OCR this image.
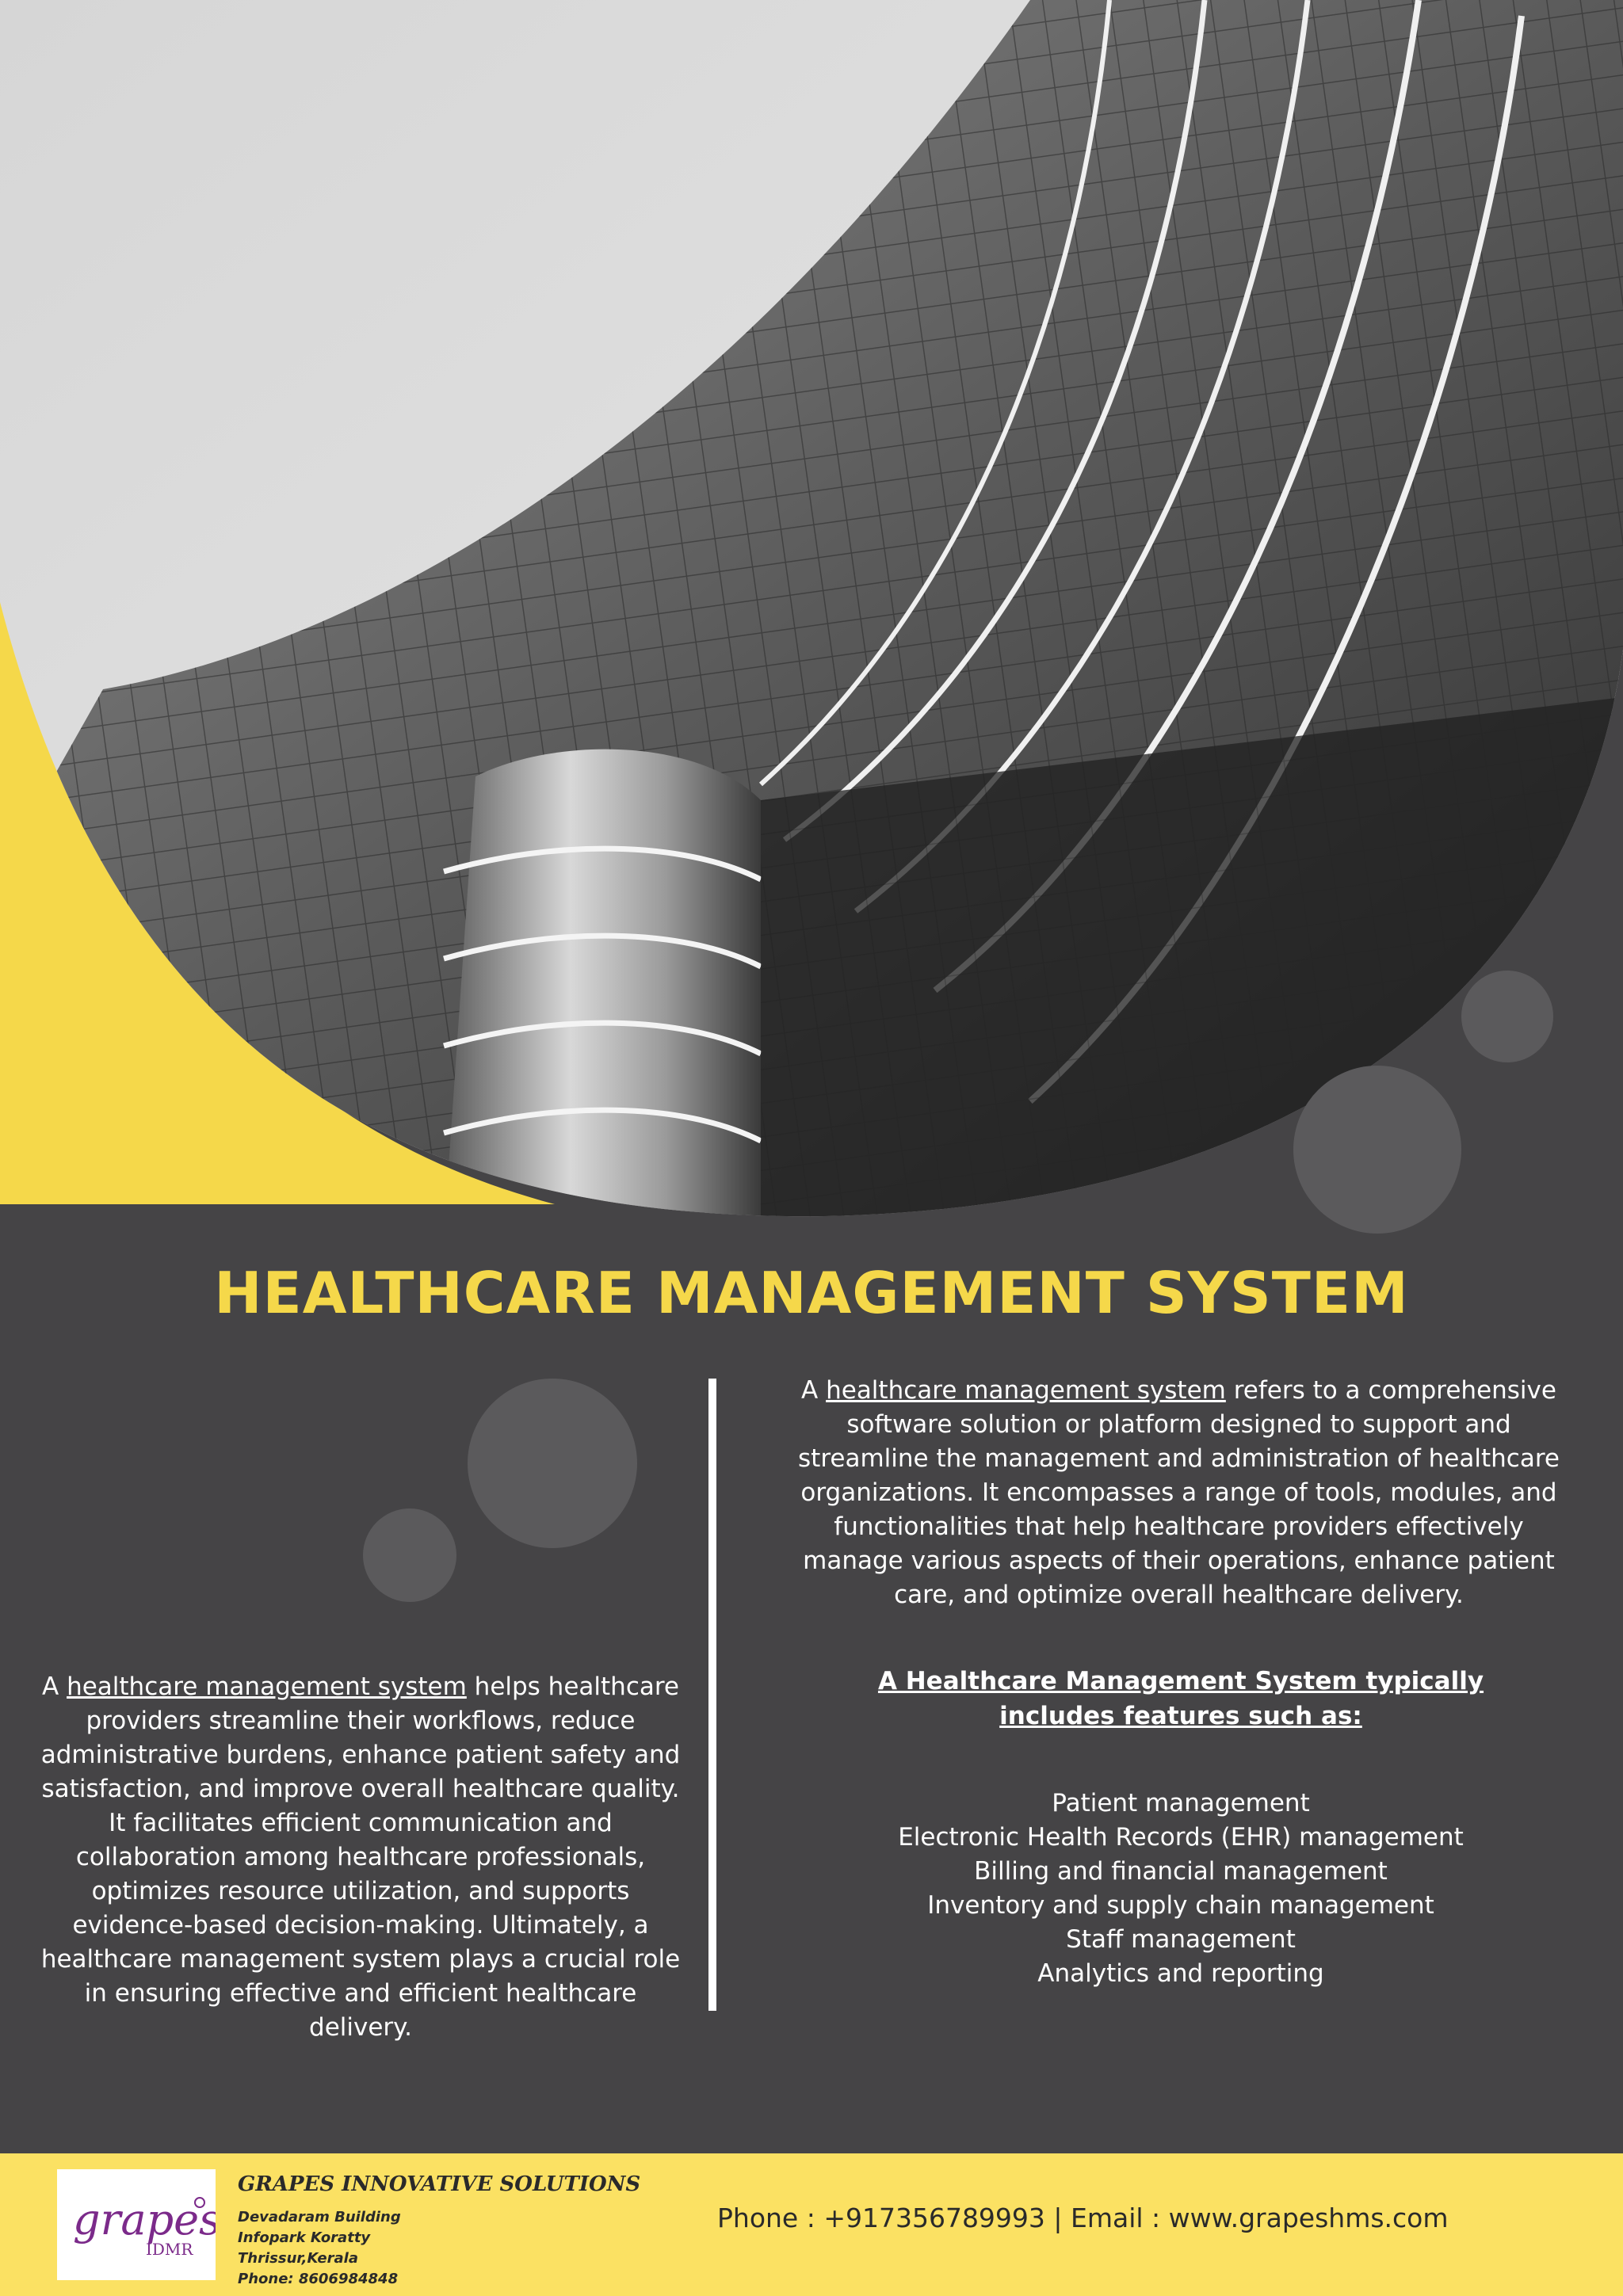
HEALTHCARE MANAGEMENT SYSTEM
A healthcare management system refers to a comprehensive software solution or platform designed to support and streamline the management and administration of healthcare organizations. It encompasses a range of tools, modules, and functionalities that help healthcare providers effectively manage various aspects of their operations, enhance patient care, and optimize overall healthcare delivery.
A Healthcare Management System typically includes features such as:
Patient management
Electronic Health Records (EHR) management
Billing and financial management
Inventory and supply chain management
Staff management
Analytics and reporting
A healthcare management system helps healthcare providers streamline their workflows, reduce administrative burdens, enhance patient safety and satisfaction, and improve overall healthcare quality. It facilitates efficient communication and collaboration among healthcare professionals, optimizes resource utilization, and supports evidence-based decision-making. Ultimately, a healthcare management system plays a crucial role in ensuring effective and efficient healthcare delivery.
grapes
IDMR
GRAPES INNOVATIVE SOLUTIONS
Devadaram Building
Infopark Koratty
Thrissur,Kerala
Phone: 8606984848
Phone : +917356789993 | Email : www.grapeshms.com
